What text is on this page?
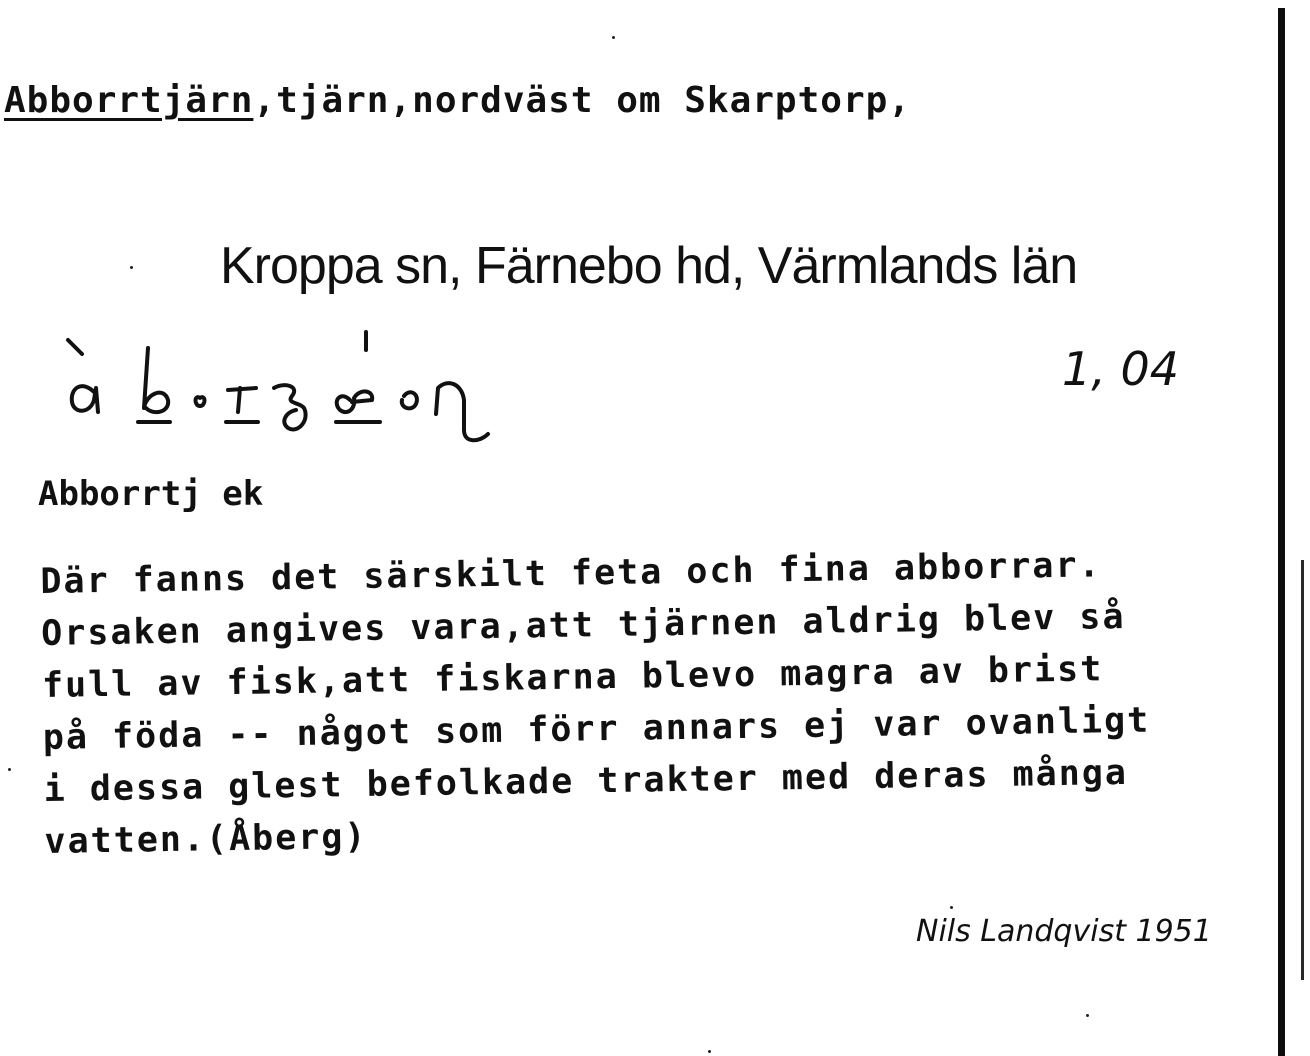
Abborrtjärn,tjärn,nordväst om Skarptorp,
Kroppa sn, Färnebo hd, Värmlands län
1, 04
Abborrtj ek
Där fanns det särskilt feta och fina abborrar.
Orsaken angives vara,att tjärnen aldrig blev så
full av fisk,att fiskarna blevo magra av brist
på föda -- något som förr annars ej var ovanligt
i dessa glest befolkade trakter med deras många
vatten.(Åberg)
Nils Landqvist 1951
